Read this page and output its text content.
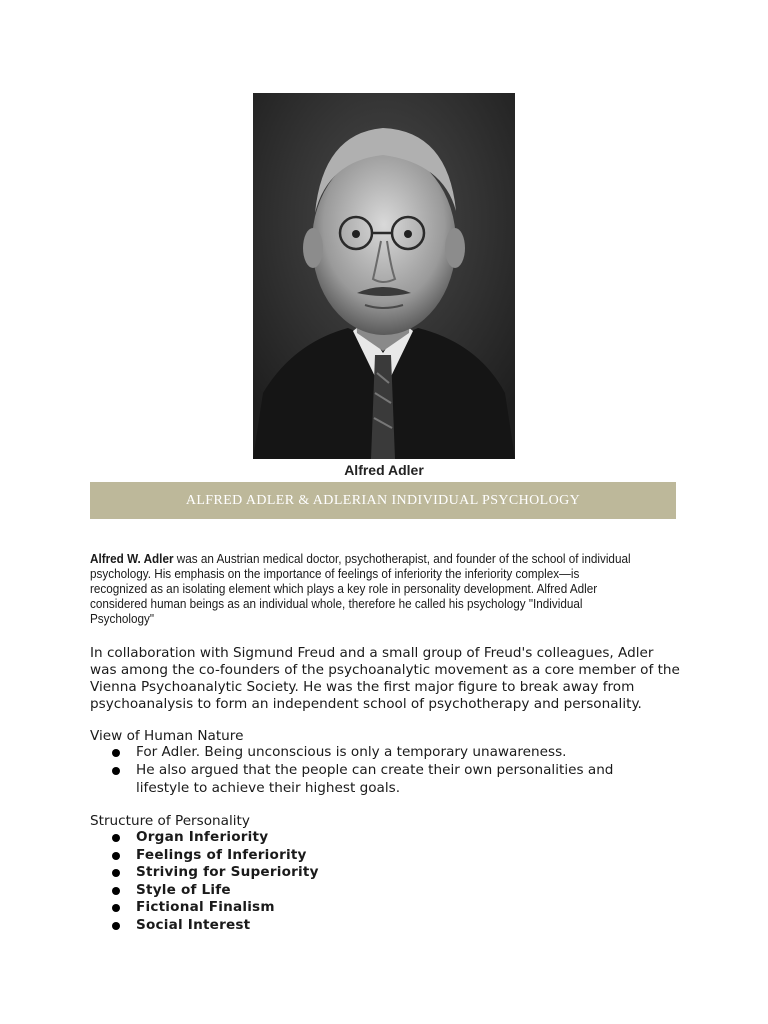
Alfred Adler
ALFRED ADLER & ADLERIAN INDIVIDUAL PSYCHOLOGY
Alfred W. Adler was an Austrian medical doctor, psychotherapist, and founder of the school of individual psychology. His emphasis on the importance of feelings of inferiority the inferiority complex—is recognized as an isolating element which plays a key role in personality development. Alfred Adler considered human beings as an individual whole, therefore he called his psychology "Individual Psychology"
In collaboration with Sigmund Freud and a small group of Freud's colleagues, Adler was among the co-founders of the psychoanalytic movement as a core member of the Vienna Psychoanalytic Society. He was the first major figure to break away from psychoanalysis to form an independent school of psychotherapy and personality.
View of Human Nature
For Adler. Being unconscious is only a temporary unawareness.
He also argued that the people can create their own personalities and lifestyle to achieve their highest goals.
Structure of Personality
Organ Inferiority
Feelings of Inferiority
Striving for Superiority
Style of Life
Fictional Finalism
Social Interest
